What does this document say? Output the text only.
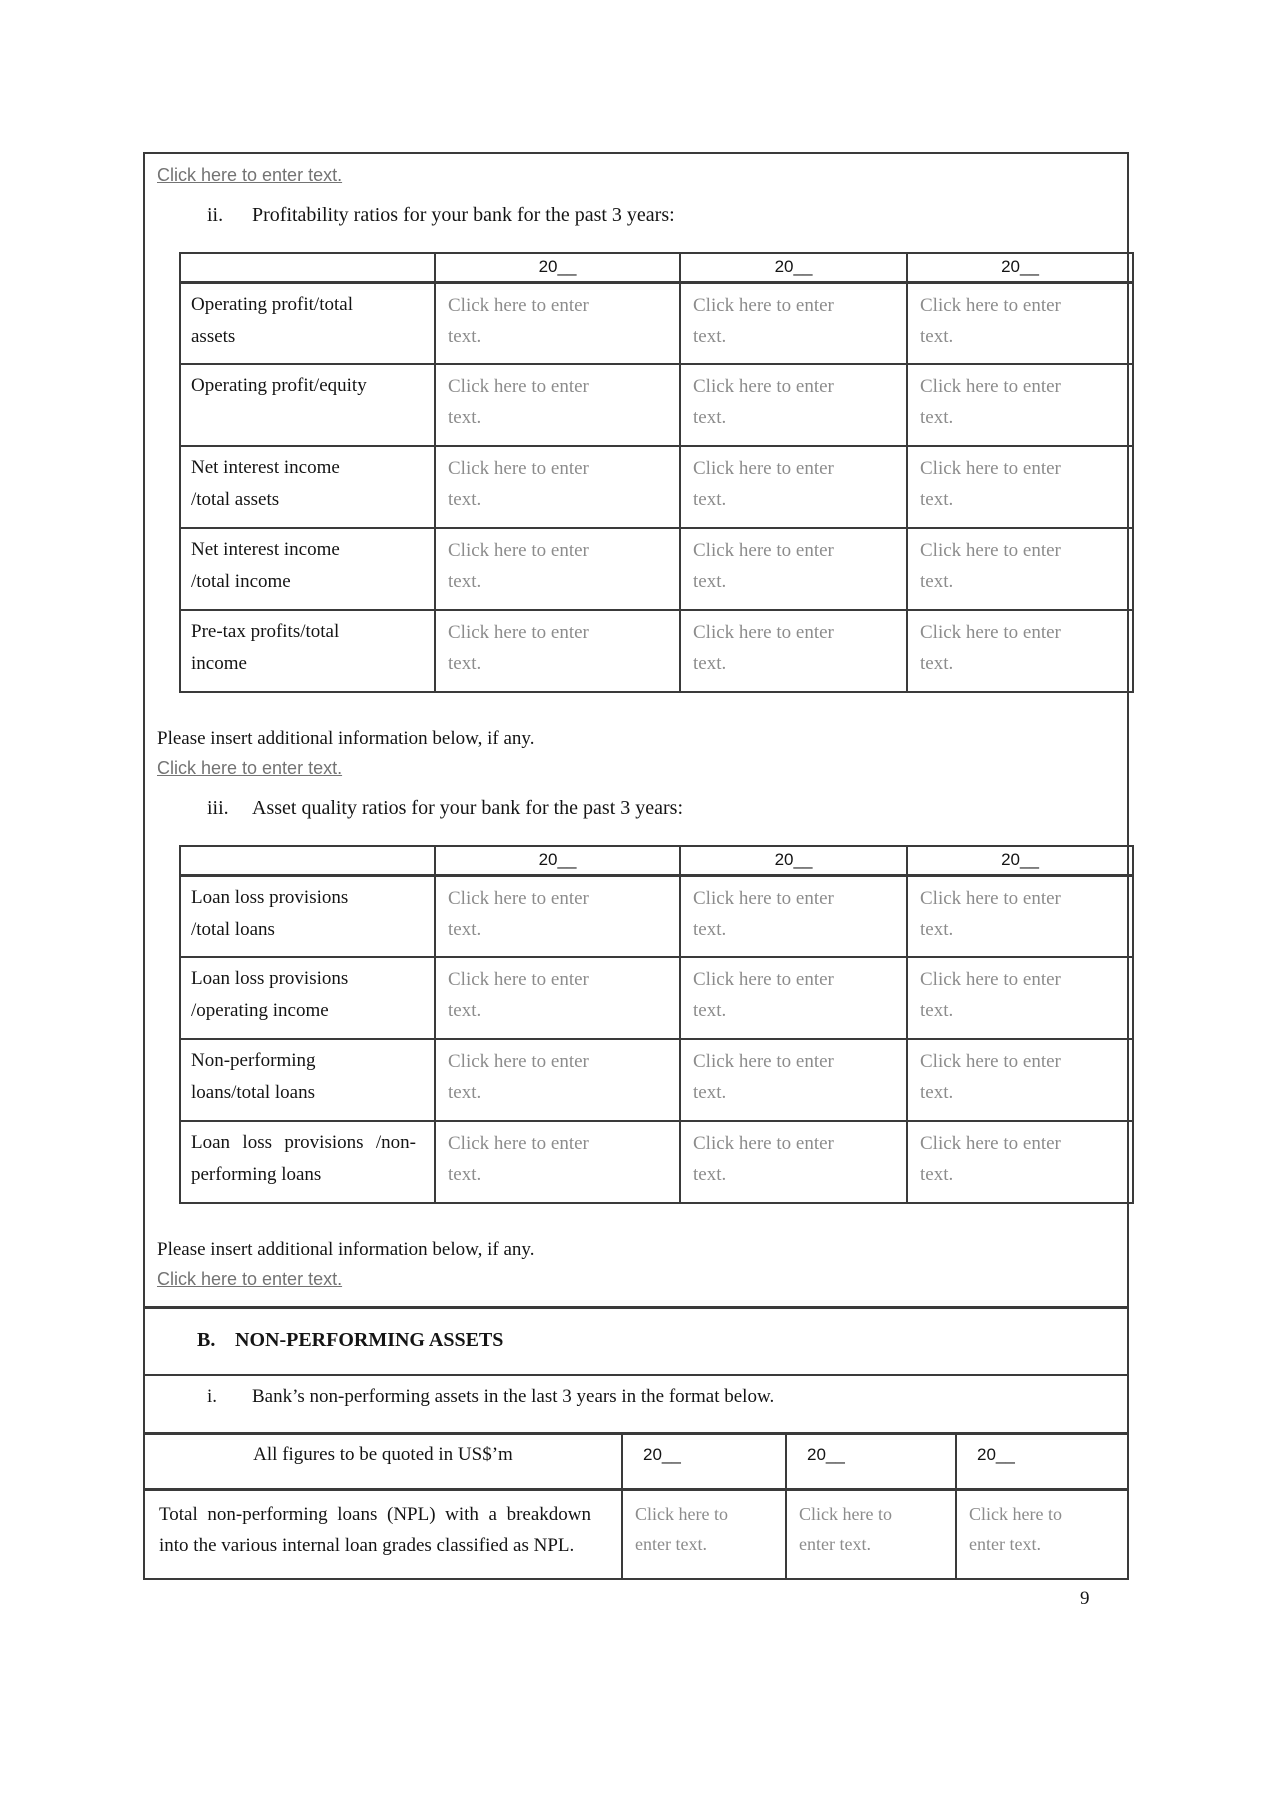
Click here to enter text.
ii.	Profitability ratios for your bank for the past 3 years:
	20__	20__	20__
Operating profit/total assets	Click here to enter text.	Click here to enter text.	Click here to enter text.
Operating profit/equity	Click here to enter text.	Click here to enter text.	Click here to enter text.
Net interest income /total assets	Click here to enter text.	Click here to enter text.	Click here to enter text.
Net interest income /total income	Click here to enter text.	Click here to enter text.	Click here to enter text.
Pre-tax profits/total income	Click here to enter text.	Click here to enter text.	Click here to enter text.
Please insert additional information below, if any.
Click here to enter text.
iii.	Asset quality ratios for your bank for the past 3 years:
	20__	20__	20__
Loan loss provisions /total loans	Click here to enter text.	Click here to enter text.	Click here to enter text.
Loan loss provisions /operating income	Click here to enter text.	Click here to enter text.	Click here to enter text.
Non-performing loans/total loans	Click here to enter text.	Click here to enter text.	Click here to enter text.
Loan loss provisions /non-performing loans	Click here to enter text.	Click here to enter text.	Click here to enter text.
Please insert additional information below, if any.
Click here to enter text.
B. NON-PERFORMING ASSETS
i.	Bank’s non-performing assets in the last 3 years in the format below.
All figures to be quoted in US$’m	20__	20__	20__
Total non-performing loans (NPL) with a breakdown into the various internal loan grades classified as NPL.	Click here to enter text.	Click here to enter text.	Click here to enter text.
9
